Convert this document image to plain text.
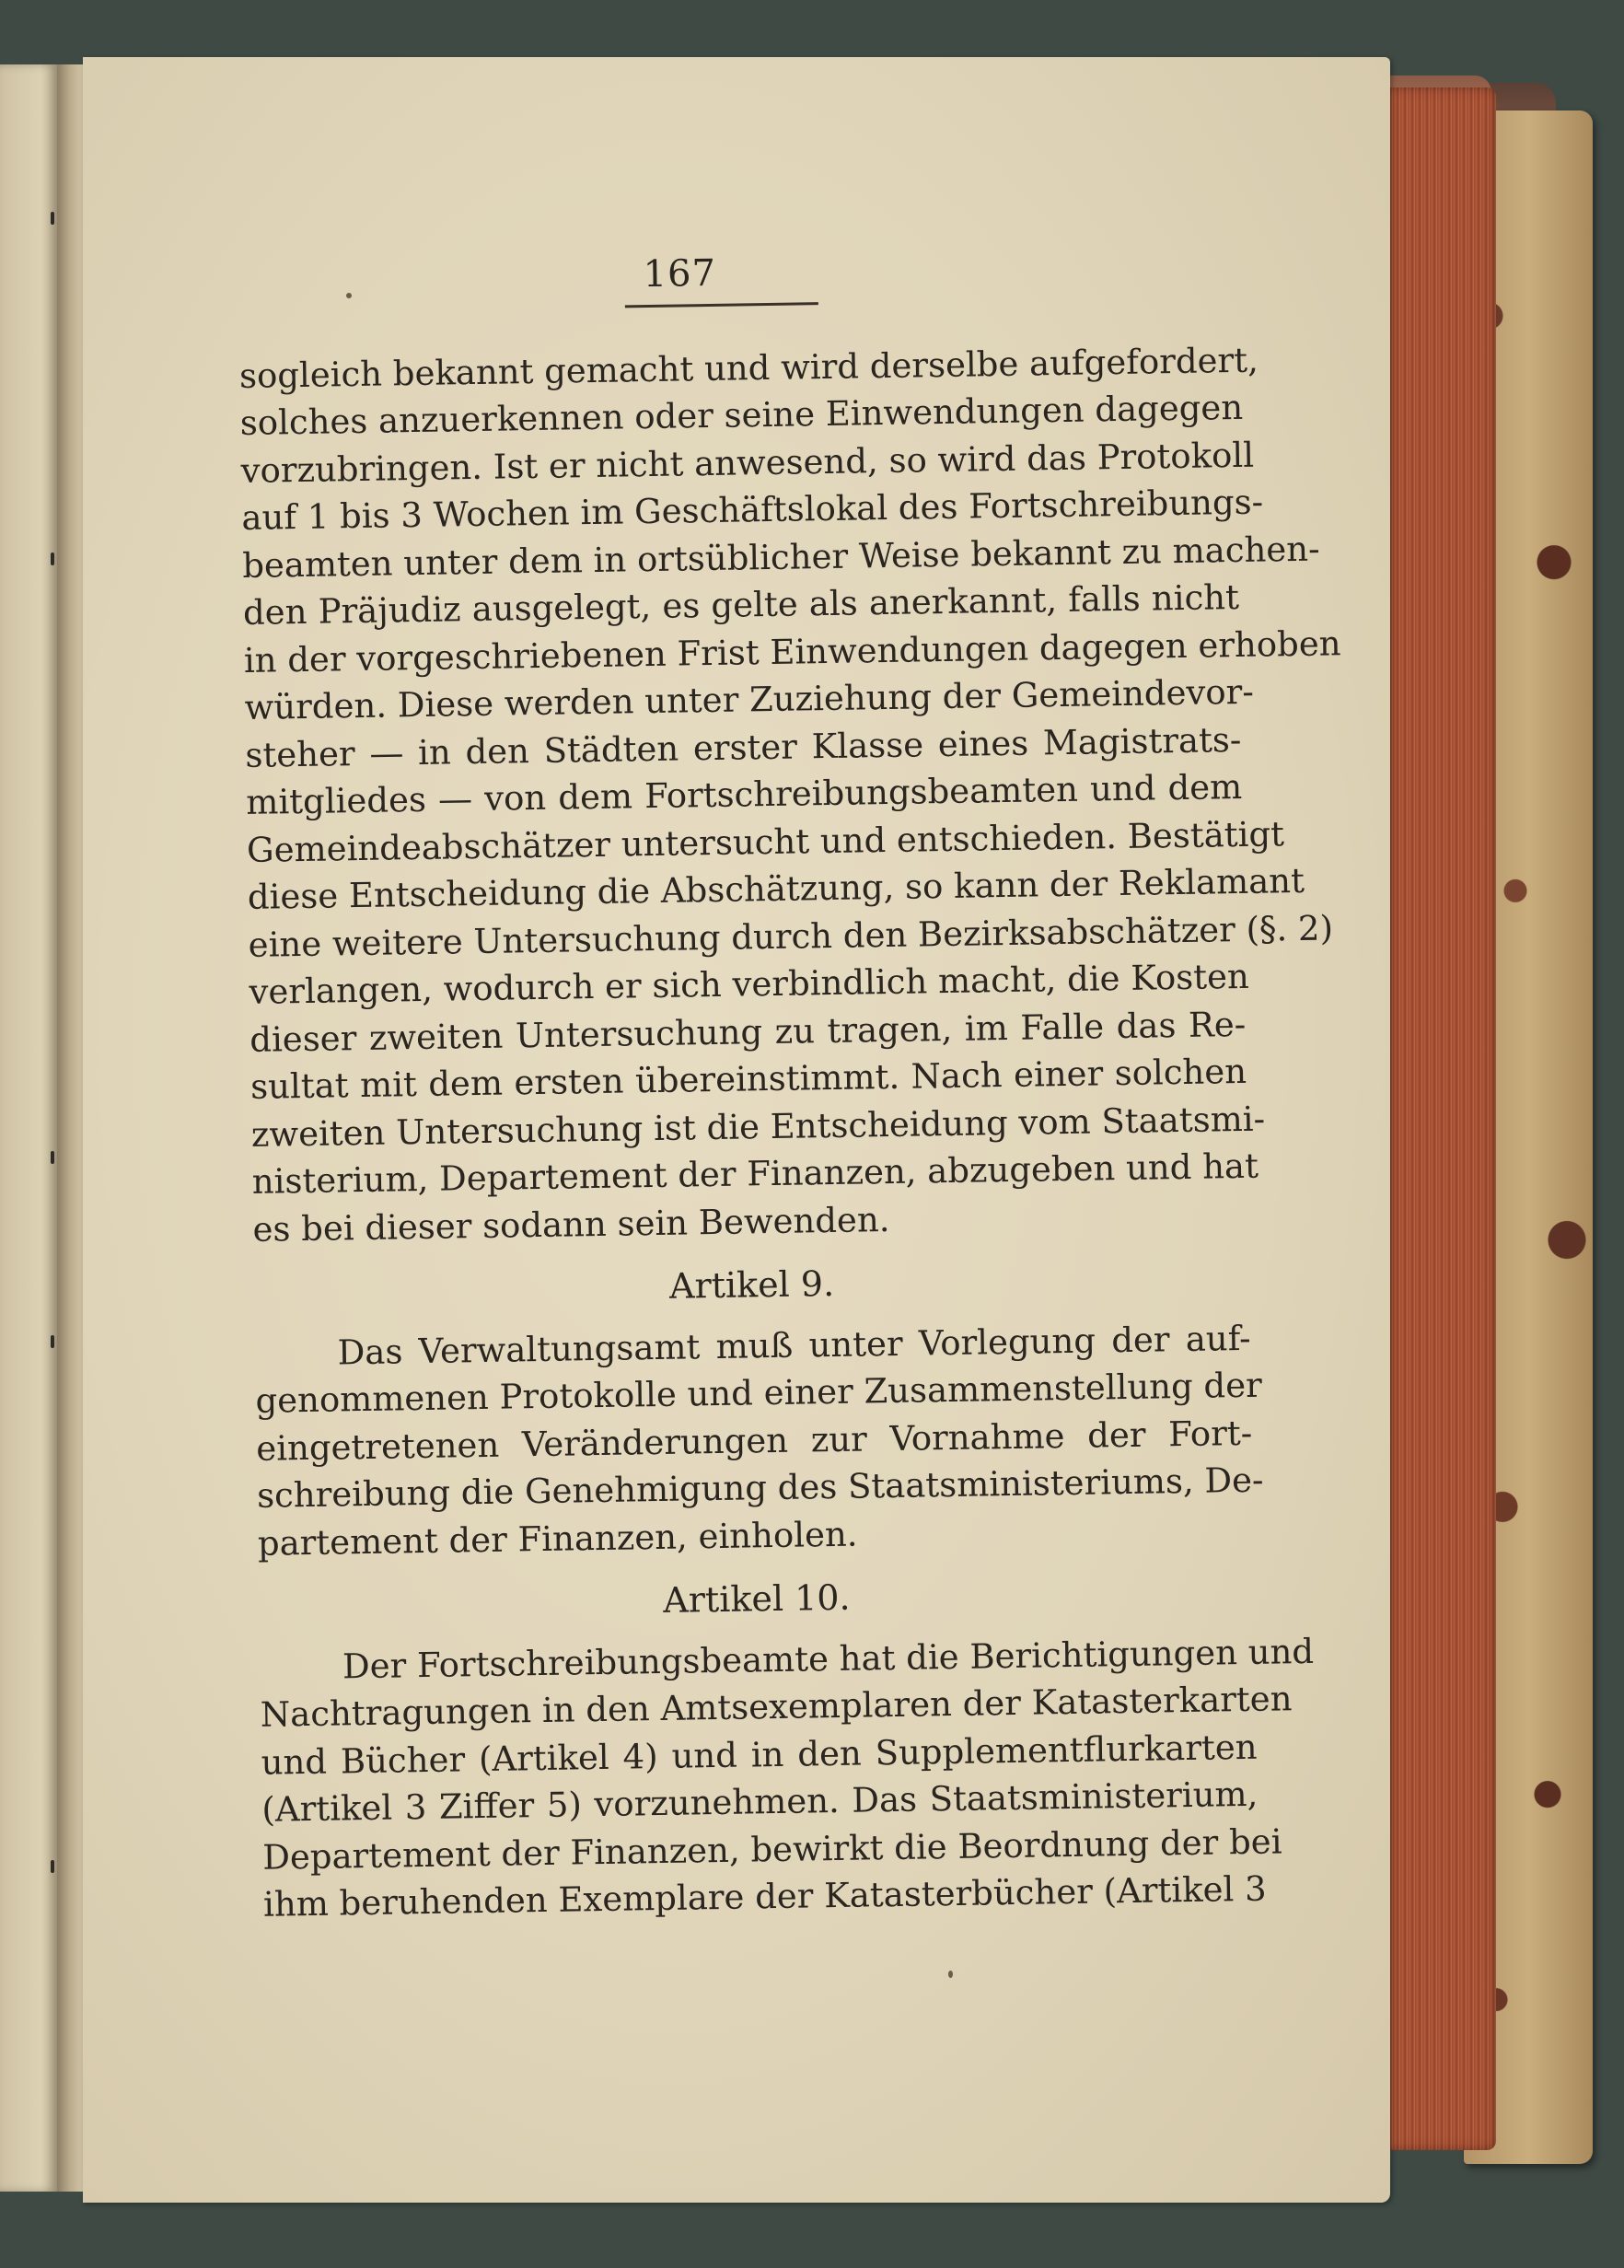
167
sogleich bekannt gemacht und wird derselbe aufgefordert,
solches anzuerkennen oder seine Einwendungen dagegen
vorzubringen. Ist er nicht anwesend, so wird das Protokoll
auf 1 bis 3 Wochen im Geschäftslokal des Fortschreibungs-
beamten unter dem in ortsüblicher Weise bekannt zu machen-
den Präjudiz ausgelegt, es gelte als anerkannt, falls nicht
in der vorgeschriebenen Frist Einwendungen dagegen erhoben
würden. Diese werden unter Zuziehung der Gemeindevor-
steher — in den Städten erster Klasse eines Magistrats-
mitgliedes — von dem Fortschreibungsbeamten und dem
Gemeindeabschätzer untersucht und entschieden. Bestätigt
diese Entscheidung die Abschätzung, so kann der Reklamant
eine weitere Untersuchung durch den Bezirksabschätzer (§. 2)
verlangen, wodurch er sich verbindlich macht, die Kosten
dieser zweiten Untersuchung zu tragen, im Falle das Re-
sultat mit dem ersten übereinstimmt. Nach einer solchen
zweiten Untersuchung ist die Entscheidung vom Staatsmi-
nisterium, Departement der Finanzen, abzugeben und hat
es bei dieser sodann sein Bewenden.
Artikel 9.
Das Verwaltungsamt muß unter Vorlegung der auf-
genommenen Protokolle und einer Zusammenstellung der
eingetretenen Veränderungen zur Vornahme der Fort-
schreibung die Genehmigung des Staatsministeriums, De-
partement der Finanzen, einholen.
Artikel 10.
Der Fortschreibungsbeamte hat die Berichtigungen und
Nachtragungen in den Amtsexemplaren der Katasterkarten
und Bücher (Artikel 4) und in den Supplementflurkarten
(Artikel 3 Ziffer 5) vorzunehmen. Das Staatsministerium,
Departement der Finanzen, bewirkt die Beordnung der bei
ihm beruhenden Exemplare der Katasterbücher (Artikel 3
